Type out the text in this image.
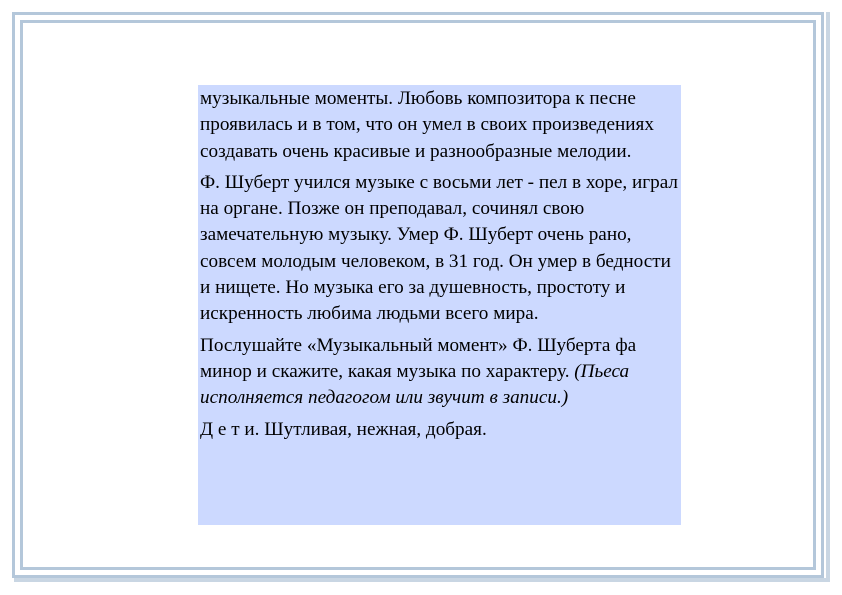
музыкальные моменты. Любовь композитора к песне проявилась и в том, что он умел в своих произведениях создавать очень красивые и разнообразные мелодии.

Ф. Шуберт учился музыке с восьми лет - пел в хоре, играл на органе. Позже он преподавал, сочинял свою замечательную музыку. Умер Ф. Шуберт очень рано, совсем молодым человеком, в 31 год. Он умер в бедности и нищете. Но музыка его за душевность, простоту и искренность любима людьми всего мира.

Послушайте «Музыкальный момент» Ф. Шуберта фа минор и скажите, какая музыка по характеру. (Пьеса исполняется педагогом или звучит в записи.)

Д е т и. Шутливая, нежная, добрая.
